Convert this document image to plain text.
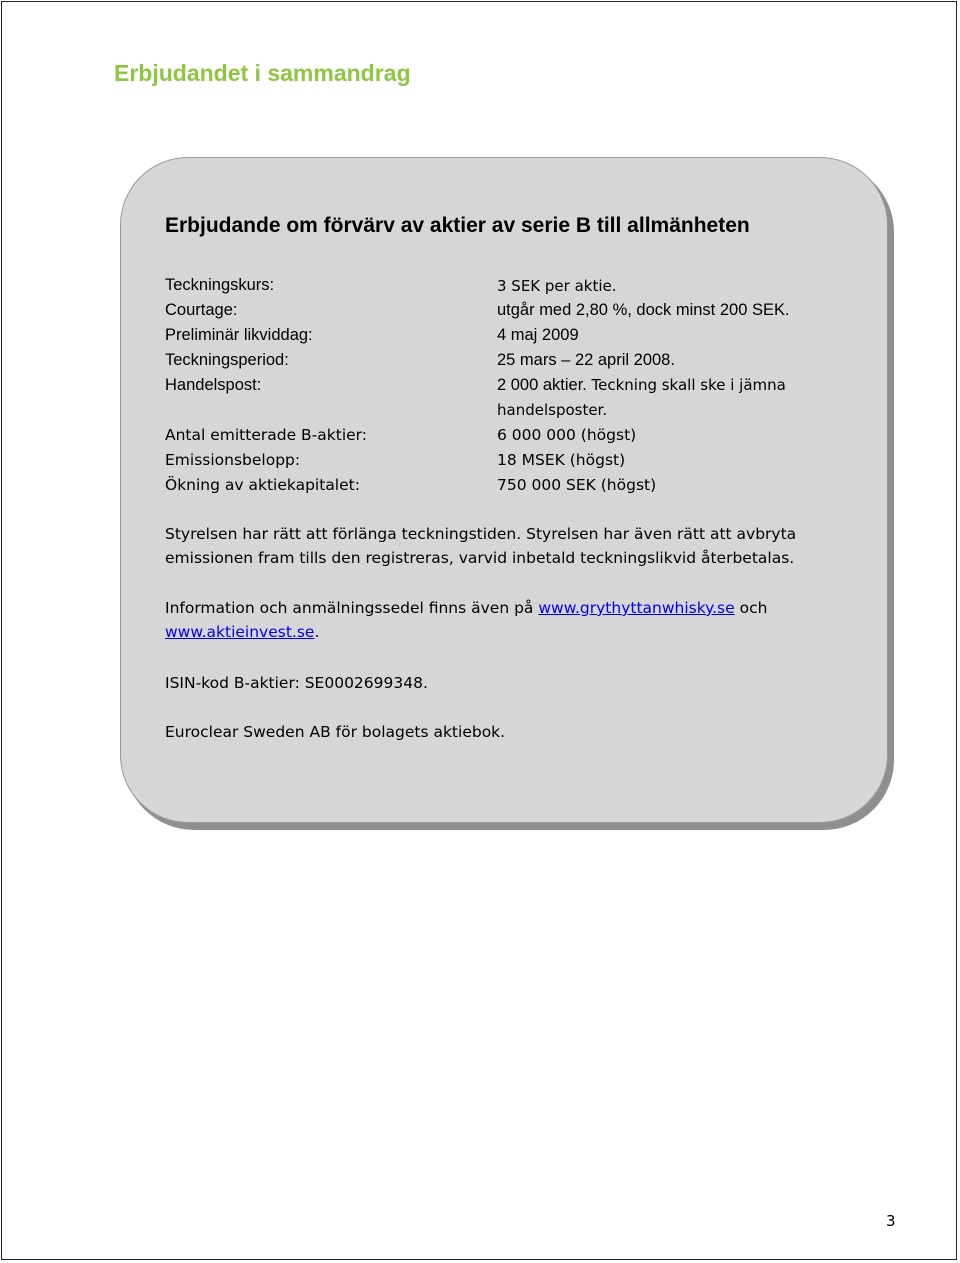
Erbjudandet i sammandrag
Erbjudande om förvärv av aktier av serie B till allmänheten
Teckningskurs:	3 SEK per aktie.
Courtage:	utgår med 2,80 %, dock minst 200 SEK.
Preliminär likviddag:	4 maj 2009
Teckningsperiod:	25 mars – 22 april 2008.
Handelspost:	2 000 aktier. Teckning skall ske i jämna handelsposter.
Antal emitterade B-aktier:	6 000 000 (högst)
Emissionsbelopp:	18 MSEK (högst)
Ökning av aktiekapitalet:	750 000 SEK (högst)

Styrelsen har rätt att förlänga teckningstiden. Styrelsen har även rätt att avbryta emissionen fram tills den registreras, varvid inbetald teckningslikvid återbetalas.

Information och anmälningssedel finns även på www.grythyttanwhisky.se och www.aktieinvest.se.

ISIN-kod B-aktier: SE0002699348.

Euroclear Sweden AB för bolagets aktiebok.

3
